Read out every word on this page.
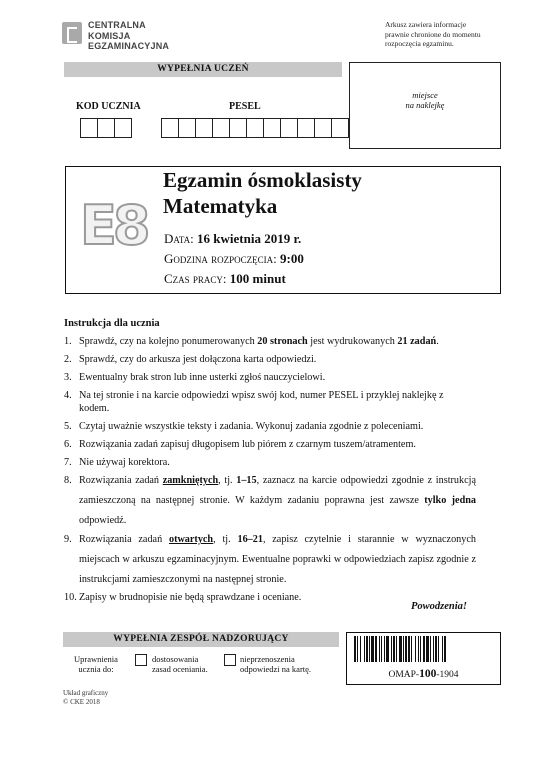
CENTRALNA
KOMISJA
EGZAMINACYJNA
Arkusz zawiera informacje
prawnie chronione do momentu
rozpoczęcia egzaminu.
WYPEŁNIA UCZEŃ
KOD UCZNIA	PESEL
miejsce
na naklejkę
E8
Egzamin ósmoklasisty
Matematyka
Data: 16 kwietnia 2019 r.
Godzina rozpoczęcia: 9:00
Czas pracy: 100 minut
Instrukcja dla ucznia
1. Sprawdź, czy na kolejno ponumerowanych 20 stronach jest wydrukowanych 21 zadań.
2. Sprawdź, czy do arkusza jest dołączona karta odpowiedzi.
3. Ewentualny brak stron lub inne usterki zgłoś nauczycielowi.
4. Na tej stronie i na karcie odpowiedzi wpisz swój kod, numer PESEL i przyklej naklejkę z kodem.
5. Czytaj uważnie wszystkie teksty i zadania. Wykonuj zadania zgodnie z poleceniami.
6. Rozwiązania zadań zapisuj długopisem lub piórem z czarnym tuszem/atramentem.
7. Nie używaj korektora.
8. Rozwiązania zadań zamkniętych, tj. 1–15, zaznacz na karcie odpowiedzi zgodnie z instrukcją zamieszczoną na następnej stronie. W każdym zadaniu poprawna jest zawsze tylko jedna odpowiedź.
9. Rozwiązania zadań otwartych, tj. 16–21, zapisz czytelnie i starannie w wyznaczonych miejscach w arkuszu egzaminacyjnym. Ewentualne poprawki w odpowiedziach zapisz zgodnie z instrukcjami zamieszczonymi na następnej stronie.
10. Zapisy w brudnopisie nie będą sprawdzane i oceniane.
Powodzenia!
WYPEŁNIA ZESPÓŁ NADZORUJĄCY
Uprawnienia
ucznia do:
dostosowania
zasad oceniania.
nieprzenoszenia
odpowiedzi na kartę.
OMAP-100-1904
Układ graficzny
© CKE 2018
